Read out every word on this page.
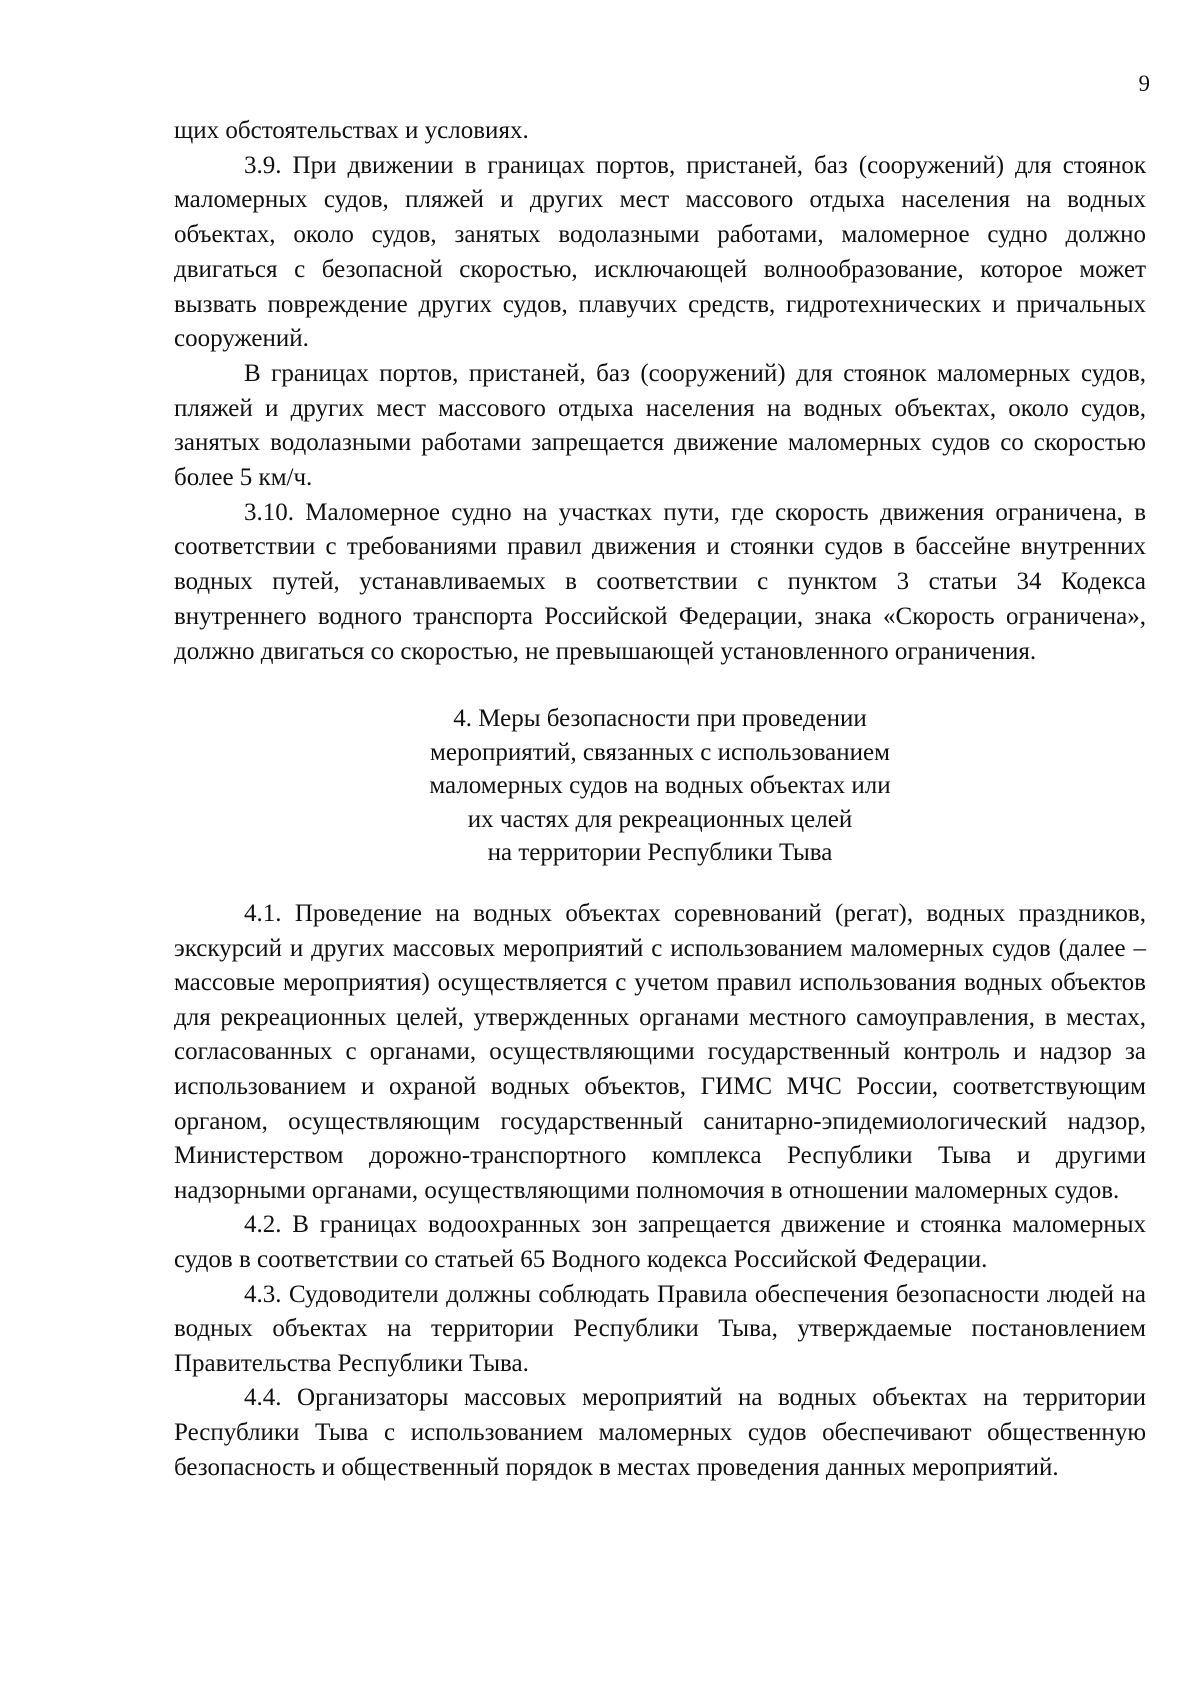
9

щих обстоятельствах и условиях.

3.9. При движении в границах портов, пристаней, баз (сооружений) для стоянок маломерных судов, пляжей и других мест массового отдыха населения на водных объектах, около судов, занятых водолазными работами, маломерное судно должно двигаться с безопасной скоростью, исключающей волнообразование, которое может вызвать повреждение других судов, плавучих средств, гидротехнических и причальных сооружений.

В границах портов, пристаней, баз (сооружений) для стоянок маломерных судов, пляжей и других мест массового отдыха населения на водных объектах, около судов, занятых водолазными работами запрещается движение маломерных судов со скоростью более 5 км/ч.

3.10. Маломерное судно на участках пути, где скорость движения ограничена, в соответствии с требованиями правил движения и стоянки судов в бассейне внутренних водных путей, устанавливаемых в соответствии с пунктом 3 статьи 34 Кодекса внутреннего водного транспорта Российской Федерации, знака «Скорость ограничена», должно двигаться со скоростью, не превышающей установленного ограничения.

4. Меры безопасности при проведении
мероприятий, связанных с использованием
маломерных судов на водных объектах или
их частях для рекреационных целей
на территории Республики Тыва

4.1. Проведение на водных объектах соревнований (регат), водных праздников, экскурсий и других массовых мероприятий с использованием маломерных судов (далее – массовые мероприятия) осуществляется с учетом правил использования водных объектов для рекреационных целей, утвержденных органами местного самоуправления, в местах, согласованных с органами, осуществляющими государственный контроль и надзор за использованием и охраной водных объектов, ГИМС МЧС России, соответствующим органом, осуществляющим государственный санитарно-эпидемиологический надзор, Министерством дорожно-транспортного комплекса Республики Тыва и другими надзорными органами, осуществляющими полномочия в отношении маломерных судов.

4.2. В границах водоохранных зон запрещается движение и стоянка маломерных судов в соответствии со статьей 65 Водного кодекса Российской Федерации.

4.3. Судоводители должны соблюдать Правила обеспечения безопасности людей на водных объектах на территории Республики Тыва, утверждаемые постановлением Правительства Республики Тыва.

4.4. Организаторы массовых мероприятий на водных объектах на территории Республики Тыва с использованием маломерных судов обеспечивают общественную безопасность и общественный порядок в местах проведения данных мероприятий.
